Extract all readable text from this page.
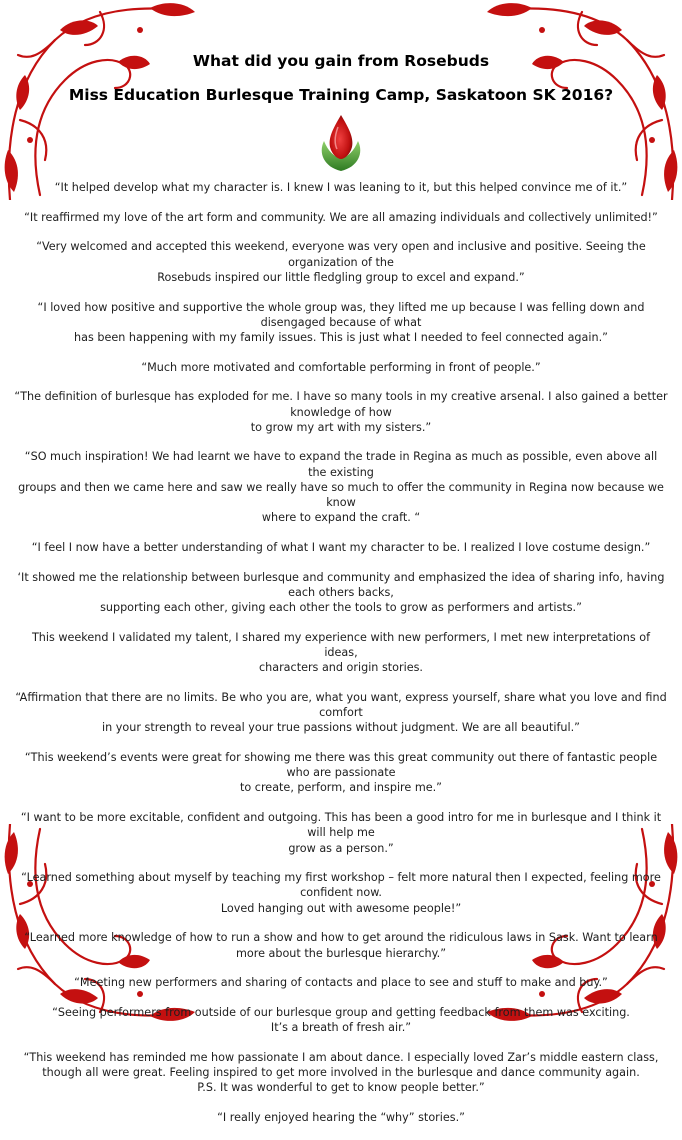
What did you gain from Rosebuds
Miss Education Burlesque Training Camp, Saskatoon SK 2016?

“It helped develop what my character is. I knew I was leaning to it, but this helped convince me of it.”

“It reaffirmed my love of the art form and community. We are all amazing individuals and collectively unlimited!”

“Very welcomed and accepted this weekend, everyone was very open and inclusive and positive. Seeing the organization of the
Rosebuds inspired our little fledgling group to excel and expand.”

“I loved how positive and supportive the whole group was, they lifted me up because I was felling down and disengaged because of what
has been happening with my family issues. This is just what I needed to feel connected again.”

“Much more motivated and comfortable performing in front of people.”

“The definition of burlesque has exploded for me. I have so many tools in my creative arsenal. I also gained a better knowledge of how
to grow my art with my sisters.”

“SO much inspiration! We had learnt we have to expand the trade in Regina as much as possible, even above all the existing
groups and then we came here and saw we really have so much to offer the community in Regina now because we know
where to expand the craft. “

“I feel I now have a better understanding of what I want my character to be. I realized I love costume design.”

‘It showed me the relationship between burlesque and community and emphasized the idea of sharing info, having each others backs,
supporting each other, giving each other the tools to grow as performers and artists.”

This weekend I validated my talent, I shared my experience with new performers, I met new interpretations of ideas,
characters and origin stories.

“Affirmation that there are no limits. Be who you are, what you want, express yourself, share what you love and find comfort
in your strength to reveal your true passions without judgment. We are all beautiful.”

“This weekend’s events were great for showing me there was this great community out there of fantastic people who are passionate
to create, perform, and inspire me.”

“I want to be more excitable, confident and outgoing. This has been a good intro for me in burlesque and I think it will help me
grow as a person.”

“Learned something about myself by teaching my first workshop – felt more natural then I expected, feeling more confident now.
Loved hanging out with awesome people!”

“Learned more knowledge of how to run a show and how to get around the ridiculous laws in Sask. Want to learn
more about the burlesque hierarchy.”

“Meeting new performers and sharing of contacts and place to see and stuff to make and buy.”

“Seeing performers from outside of our burlesque group and getting feedback from them was exciting.
It’s a breath of fresh air.”

“This weekend has reminded me how passionate I am about dance. I especially loved Zar’s middle eastern class,
though all were great. Feeling inspired to get more involved in the burlesque and dance community again.
P.S. It was wonderful to get to know people better.”

“I really enjoyed hearing the “why” stories.”
